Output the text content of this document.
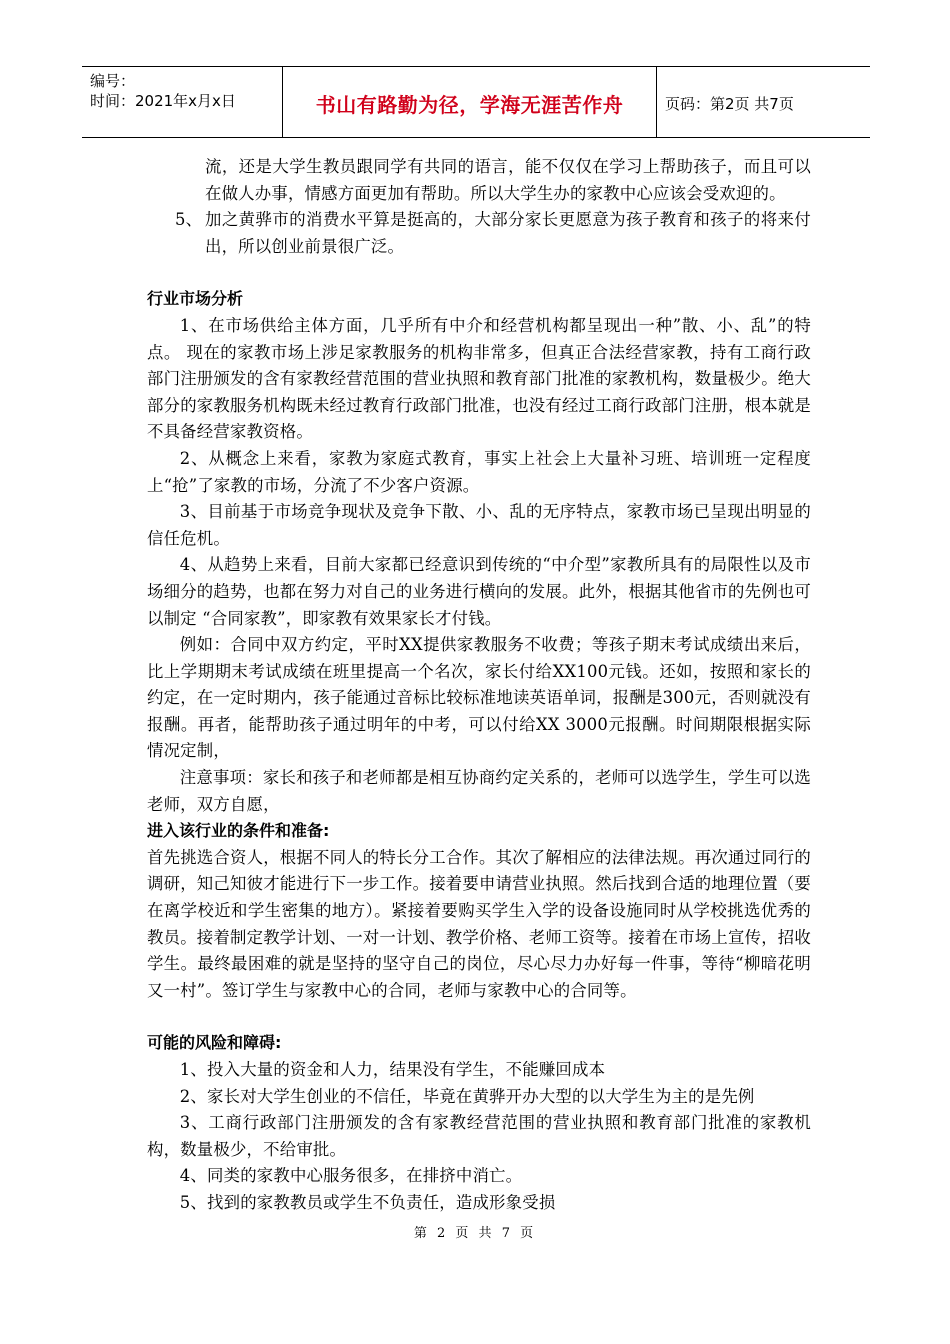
编号：
时间：2021年x月x日	书山有路勤为径，学海无涯苦作舟	页码：第2页 共7页

流，还是大学生教员跟同学有共同的语言，能不仅仅在学习上帮助孩子，而且可以在做人办事，情感方面更加有帮助。所以大学生办的家教中心应该会受欢迎的。

5、 加之黄骅市的消费水平算是挺高的，大部分家长更愿意为孩子教育和孩子的将来付出，所以创业前景很广泛。

行业市场分析

1、在市场供给主体方面，几乎所有中介和经营机构都呈现出一种”散、小、乱”的特点。 现在的家教市场上涉足家教服务的机构非常多，但真正合法经营家教，持有工商行政部门注册颁发的含有家教经营范围的营业执照和教育部门批准的家教机构，数量极少。绝大部分的家教服务机构既未经过教育行政部门批准，也没有经过工商行政部门注册，根本就是不具备经营家教资格。

2、从概念上来看，家教为家庭式教育，事实上社会上大量补习班、培训班一定程度上“抢”了家教的市场，分流了不少客户资源。

3、目前基于市场竞争现状及竞争下散、小、乱的无序特点，家教市场已呈现出明显的信任危机。

4、从趋势上来看，目前大家都已经意识到传统的“中介型”家教所具有的局限性以及市场细分的趋势，也都在努力对自己的业务进行横向的发展。此外，根据其他省市的先例也可以制定 “合同家教”，即家教有效果家长才付钱。

例如：合同中双方约定，平时XX提供家教服务不收费；等孩子期末考试成绩出来后，比上学期期末考试成绩在班里提高一个名次，家长付给XX100元钱。还如，按照和家长的约定，在一定时期内，孩子能通过音标比较标准地读英语单词，报酬是300元，否则就没有报酬。再者，能帮助孩子通过明年的中考，可以付给XX 3000元报酬。时间期限根据实际情况定制，

注意事项：家长和孩子和老师都是相互协商约定关系的，老师可以选学生，学生可以选老师，双方自愿，

进入该行业的条件和准备:

首先挑选合资人，根据不同人的特长分工合作。其次了解相应的法律法规。再次通过同行的调研，知己知彼才能进行下一步工作。接着要申请营业执照。然后找到合适的地理位置（要在离学校近和学生密集的地方）。紧接着要购买学生入学的设备设施同时从学校挑选优秀的教员。接着制定教学计划、一对一计划、教学价格、老师工资等。接着在市场上宣传，招收学生。最终最困难的就是坚持的坚守自己的岗位，尽心尽力办好每一件事，等待“柳暗花明又一村”。签订学生与家教中心的合同，老师与家教中心的合同等。

可能的风险和障碍:

1、投入大量的资金和人力，结果没有学生，不能赚回成本

2、家长对大学生创业的不信任，毕竟在黄骅开办大型的以大学生为主的是先例

3、工商行政部门注册颁发的含有家教经营范围的营业执照和教育部门批准的家教机构，数量极少，不给审批。

4、同类的家教中心服务很多，在排挤中消亡。

5、找到的家教教员或学生不负责任，造成形象受损

第 2 页 共 7 页
